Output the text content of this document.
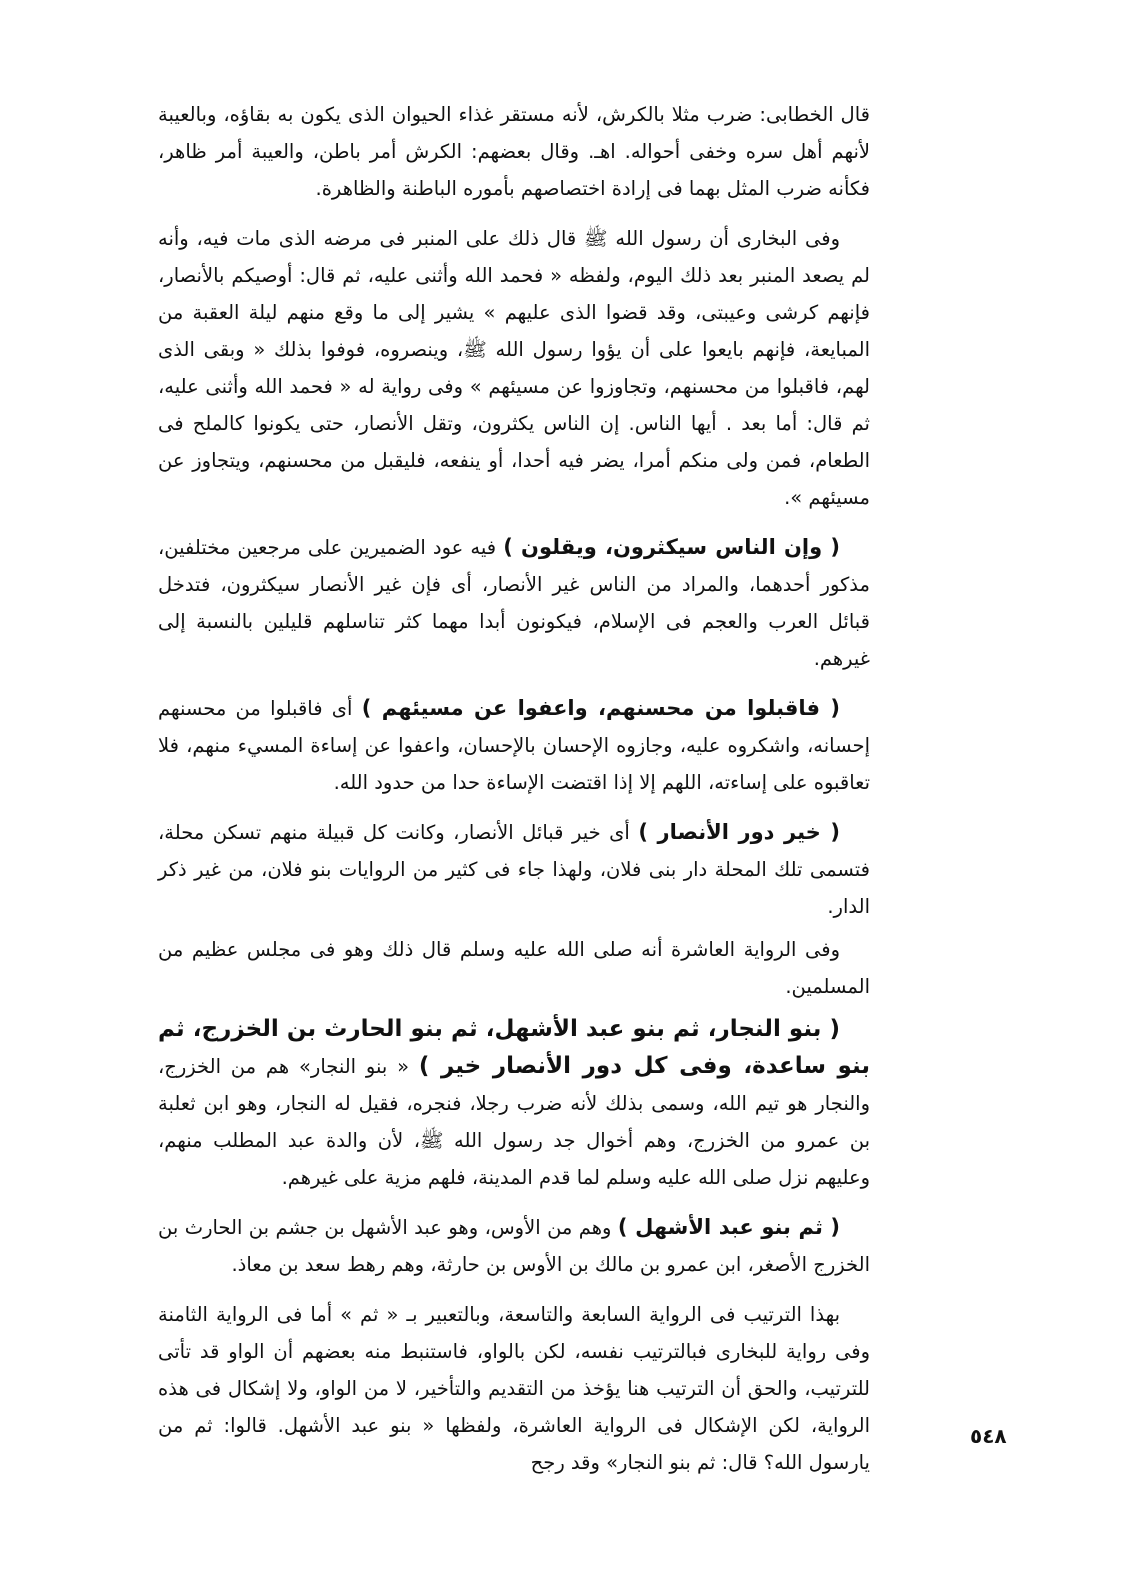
قال الخطابى: ضرب مثلا بالكرش، لأنه مستقر غذاء الحيوان الذى يكون به بقاؤه، وبالعيبة لأنهم أهل سره وخفى أحواله. اهـ. وقال بعضهم: الكرش أمر باطن، والعيبة أمر ظاهر، فكأنه ضرب المثل بهما فى إرادة اختصاصهم بأموره الباطنة والظاهرة.

وفى البخارى أن رسول الله ﷺ قال ذلك على المنبر فى مرضه الذى مات فيه، وأنه لم يصعد المنبر بعد ذلك اليوم، ولفظه « فحمد الله وأثنى عليه، ثم قال: أوصيكم بالأنصار، فإنهم كرشى وعيبتى، وقد قضوا الذى عليهم » يشير إلى ما وقع منهم ليلة العقبة من المبايعة، فإنهم بايعوا على أن يؤوا رسول الله ﷺ، وينصروه، فوفوا بذلك « وبقى الذى لهم، فاقبلوا من محسنهم، وتجاوزوا عن مسيئهم » وفى رواية له « فحمد الله وأثنى عليه، ثم قال: أما بعد . أيها الناس. إن الناس يكثرون، وتقل الأنصار، حتى يكونوا كالملح فى الطعام، فمن ولى منكم أمرا، يضر فيه أحدا، أو ينفعه، فليقبل من محسنهم، ويتجاوز عن مسيئهم ».

( وإن الناس سيكثرون، ويقلون ) فيه عود الضميرين على مرجعين مختلفين، مذكور أحدهما، والمراد من الناس غير الأنصار، أى فإن غير الأنصار سيكثرون، فتدخل قبائل العرب والعجم فى الإسلام، فيكونون أبدا مهما كثر تناسلهم قليلين بالنسبة إلى غيرهم.

( فاقبلوا من محسنهم، واعفوا عن مسيئهم ) أى فاقبلوا من محسنهم إحسانه، واشكروه عليه، وجازوه الإحسان بالإحسان، واعفوا عن إساءة المسيء منهم، فلا تعاقبوه على إساءته، اللهم إلا إذا اقتضت الإساءة حدا من حدود الله.

( خير دور الأنصار ) أى خير قبائل الأنصار، وكانت كل قبيلة منهم تسكن محلة، فتسمى تلك المحلة دار بنى فلان، ولهذا جاء فى كثير من الروايات بنو فلان، من غير ذكر الدار.

وفى الرواية العاشرة أنه صلى الله عليه وسلم قال ذلك وهو فى مجلس عظيم من المسلمين.

( بنو النجار، ثم بنو عبد الأشهل، ثم بنو الحارث بن الخزرج، ثم بنو ساعدة، وفى كل دور الأنصار خير ) « بنو النجار» هم من الخزرج، والنجار هو تيم الله، وسمى بذلك لأنه ضرب رجلا، فنجره، فقيل له النجار، وهو ابن ثعلبة بن عمرو من الخزرج، وهم أخوال جد رسول الله ﷺ، لأن والدة عبد المطلب منهم، وعليهم نزل صلى الله عليه وسلم لما قدم المدينة، فلهم مزية على غيرهم.

( ثم بنو عبد الأشهل ) وهم من الأوس، وهو عبد الأشهل بن جشم بن الحارث بن الخزرج الأصغر، ابن عمرو بن مالك بن الأوس بن حارثة، وهم رهط سعد بن معاذ.

بهذا الترتيب فى الرواية السابعة والتاسعة، وبالتعبير بـ « ثم » أما فى الرواية الثامنة وفى رواية للبخارى فبالترتيب نفسه، لكن بالواو، فاستنبط منه بعضهم أن الواو قد تأتى للترتيب، والحق أن الترتيب هنا يؤخذ من التقديم والتأخير، لا من الواو، ولا إشكال فى هذه الرواية، لكن الإشكال فى الرواية العاشرة، ولفظها « بنو عبد الأشهل. قالوا: ثم من يارسول الله؟ قال: ثم بنو النجار» وقد رجح

٥٤٨
